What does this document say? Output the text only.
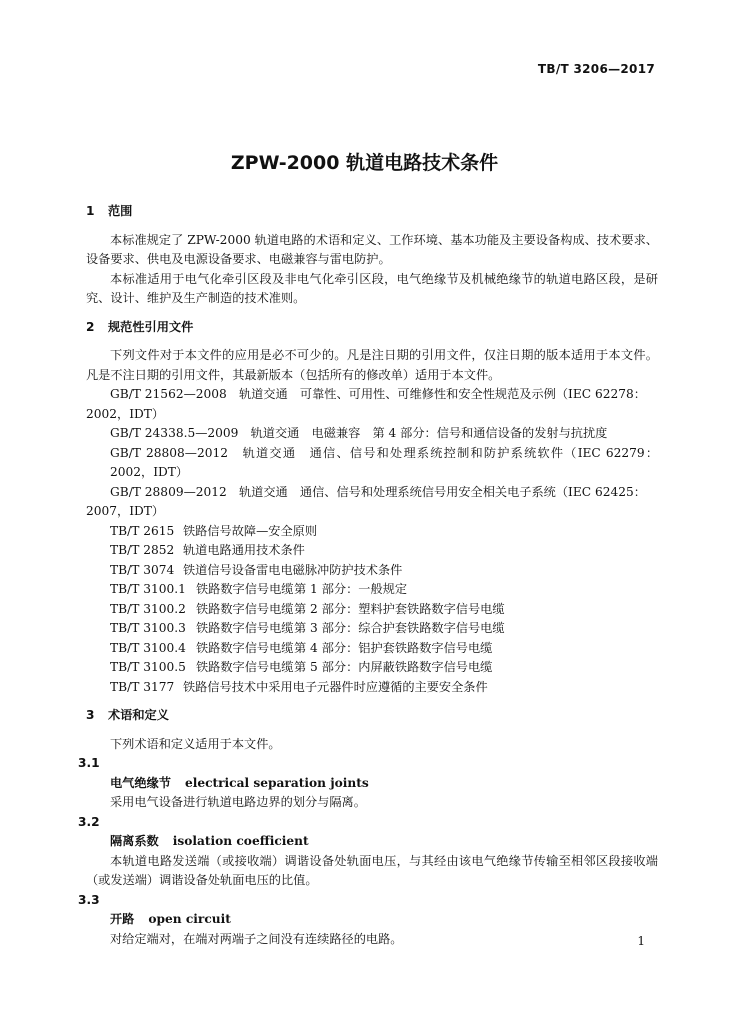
TB/T 3206—2017
ZPW-2000 轨道电路技术条件
1 范围

本标准规定了 ZPW-2000 轨道电路的术语和定义、工作环境、基本功能及主要设备构成、技术要求、设备要求、供电及电源设备要求、电磁兼容与雷电防护。

本标准适用于电气化牵引区段及非电气化牵引区段，电气绝缘节及机械绝缘节的轨道电路区段，是研究、设计、维护及生产制造的技术准则。

2 规范性引用文件

下列文件对于本文件的应用是必不可少的。凡是注日期的引用文件，仅注日期的版本适用于本文件。凡是不注日期的引用文件，其最新版本（包括所有的修改单）适用于本文件。

GB/T 21562—2008　 轨道交通　可靠性、可用性、可维修性和安全性规范及示例（IEC 62278：

2002，IDT）

GB/T 24338.5—2009　 轨道交通　电磁兼容　第 4 部分：信号和通信设备的发射与抗扰度

GB/T 28808—2012　 轨道交通　通信、信号和处理系统控制和防护系统软件（IEC 62279：2002，IDT）

GB/T 28809—2012　 轨道交通　通信、信号和处理系统信号用安全相关电子系统（IEC 62425：

2007，IDT）

TB/T 2615 铁路信号故障—安全原则

TB/T 2852 轨道电路通用技术条件

TB/T 3074 铁道信号设备雷电电磁脉冲防护技术条件

TB/T 3100.1 铁路数字信号电缆第 1 部分：一般规定

TB/T 3100.2 铁路数字信号电缆第 2 部分：塑料护套铁路数字信号电缆

TB/T 3100.3 铁路数字信号电缆第 3 部分：综合护套铁路数字信号电缆

TB/T 3100.4 铁路数字信号电缆第 4 部分：铝护套铁路数字信号电缆

TB/T 3100.5 铁路数字信号电缆第 5 部分：内屏蔽铁路数字信号电缆

TB/T 3177 铁路信号技术中采用电子元器件时应遵循的主要安全条件

3 术语和定义

下列术语和定义适用于本文件。

3.1

电气绝缘节 electrical separation joints

采用电气设备进行轨道电路边界的划分与隔离。

3.2

隔离系数 isolation coefficient

本轨道电路发送端（或接收端）调谐设备处轨面电压，与其经由该电气绝缘节传输至相邻区段接收端（或发送端）调谐设备处轨面电压的比值。

3.3

开路 open circuit

对给定端对，在端对两端子之间没有连续路径的电路。	1
